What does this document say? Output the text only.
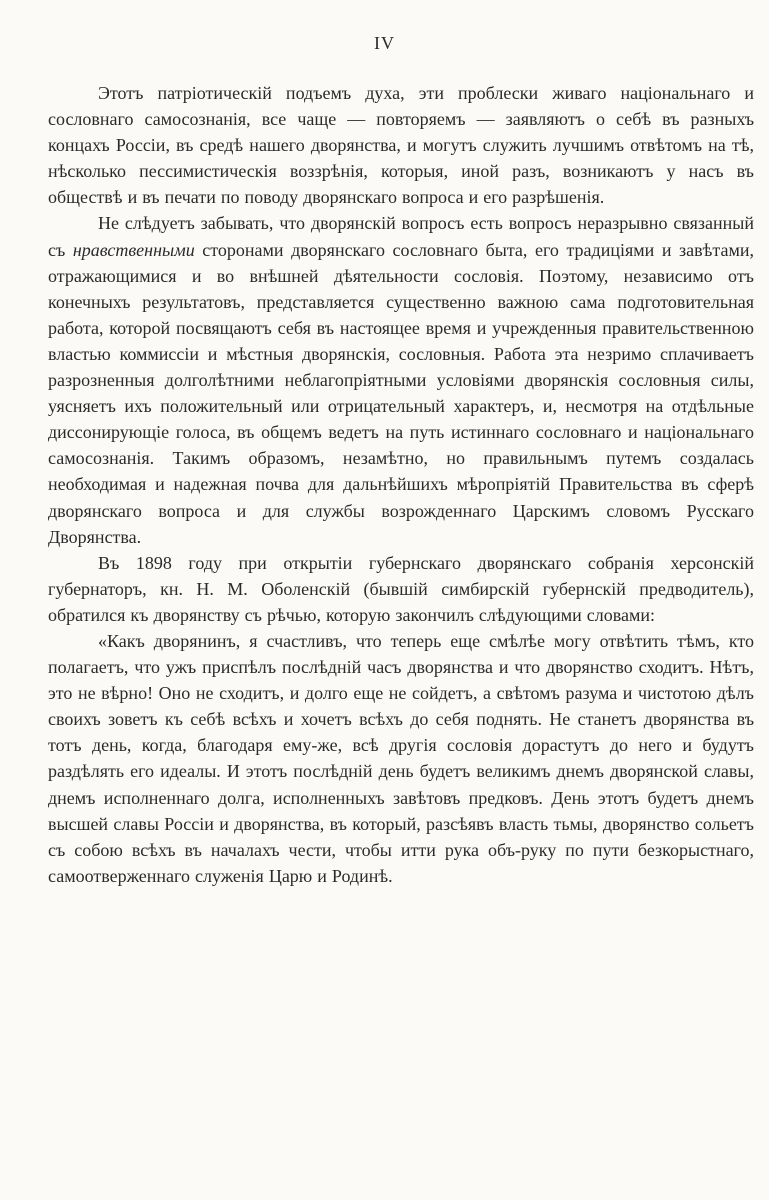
IV

Этотъ патріотическій подъемъ духа, эти проблески живаго національнаго и сословнаго самосознанія, все чаще — повторяемъ — заявляютъ о себѣ въ разныхъ концахъ Россіи, въ средѣ нашего дворянства, и могутъ служить лучшимъ отвѣтомъ на тѣ, нѣсколько пессимистическія воззрѣнія, которыя, иной разъ, возникаютъ у насъ въ обществѣ и въ печати по поводу дворянскаго вопроса и его разрѣшенія.

Не слѣдуетъ забывать, что дворянскій вопросъ есть вопросъ неразрывно связанный съ нравственными сторонами дворянскаго сословнаго быта, его традиціями и завѣтами, отражающимися и во внѣшней дѣятельности сословія. Поэтому, независимо отъ конечныхъ результатовъ, представляется существенно важною сама подготовительная работа, которой посвящаютъ себя въ настоящее время и учрежденныя правительственною властью коммиссіи и мѣстныя дворянскія, сословныя. Работа эта незримо сплачиваетъ разрозненныя долголѣтними неблагопріятными условіями дворянскія сословныя силы, уясняетъ ихъ положительный или отрицательный характеръ, и, несмотря на отдѣльные диссонирующіе голоса, въ общемъ ведетъ на путь истиннаго сословнаго и національнаго самосознанія. Такимъ образомъ, незамѣтно, но правильнымъ путемъ создалась необходимая и надежная почва для дальнѣйшихъ мѣропріятій Правительства въ сферѣ дворянскаго вопроса и для службы возрожденнаго Царскимъ словомъ Русскаго Дворянства.

Въ 1898 году при открытіи губернскаго дворянскаго собранія херсонскій губернаторъ, кн. Н. М. Оболенскій (бывшій симбирскій губернскій предводитель), обратился къ дворянству съ рѣчью, которую закончилъ слѣдующими словами:

«Какъ дворянинъ, я счастливъ, что теперь еще смѣлѣе могу отвѣтить тѣмъ, кто полагаетъ, что ужъ приспѣлъ послѣдній часъ дворянства и что дворянство сходитъ. Нѣтъ, это не вѣрно! Оно не сходитъ, и долго еще не сойдетъ, а свѣтомъ разума и чистотою дѣлъ своихъ зоветъ къ себѣ всѣхъ и хочетъ всѣхъ до себя поднять. Не станетъ дворянства въ тотъ день, когда, благодаря ему-же, всѣ другія сословія дорастутъ до него и будутъ раздѣлять его идеалы. И этотъ послѣдній день будетъ великимъ днемъ дворянской славы, днемъ исполненнаго долга, исполненныхъ завѣтовъ предковъ. День этотъ будетъ днемъ высшей славы Россіи и дворянства, въ который, разсѣявъ власть тьмы, дворянство сольетъ съ собою всѣхъ въ началахъ чести, чтобы итти рука объ-руку по пути безкорыстнаго, самоотверженнаго служенія Царю и Родинѣ.
